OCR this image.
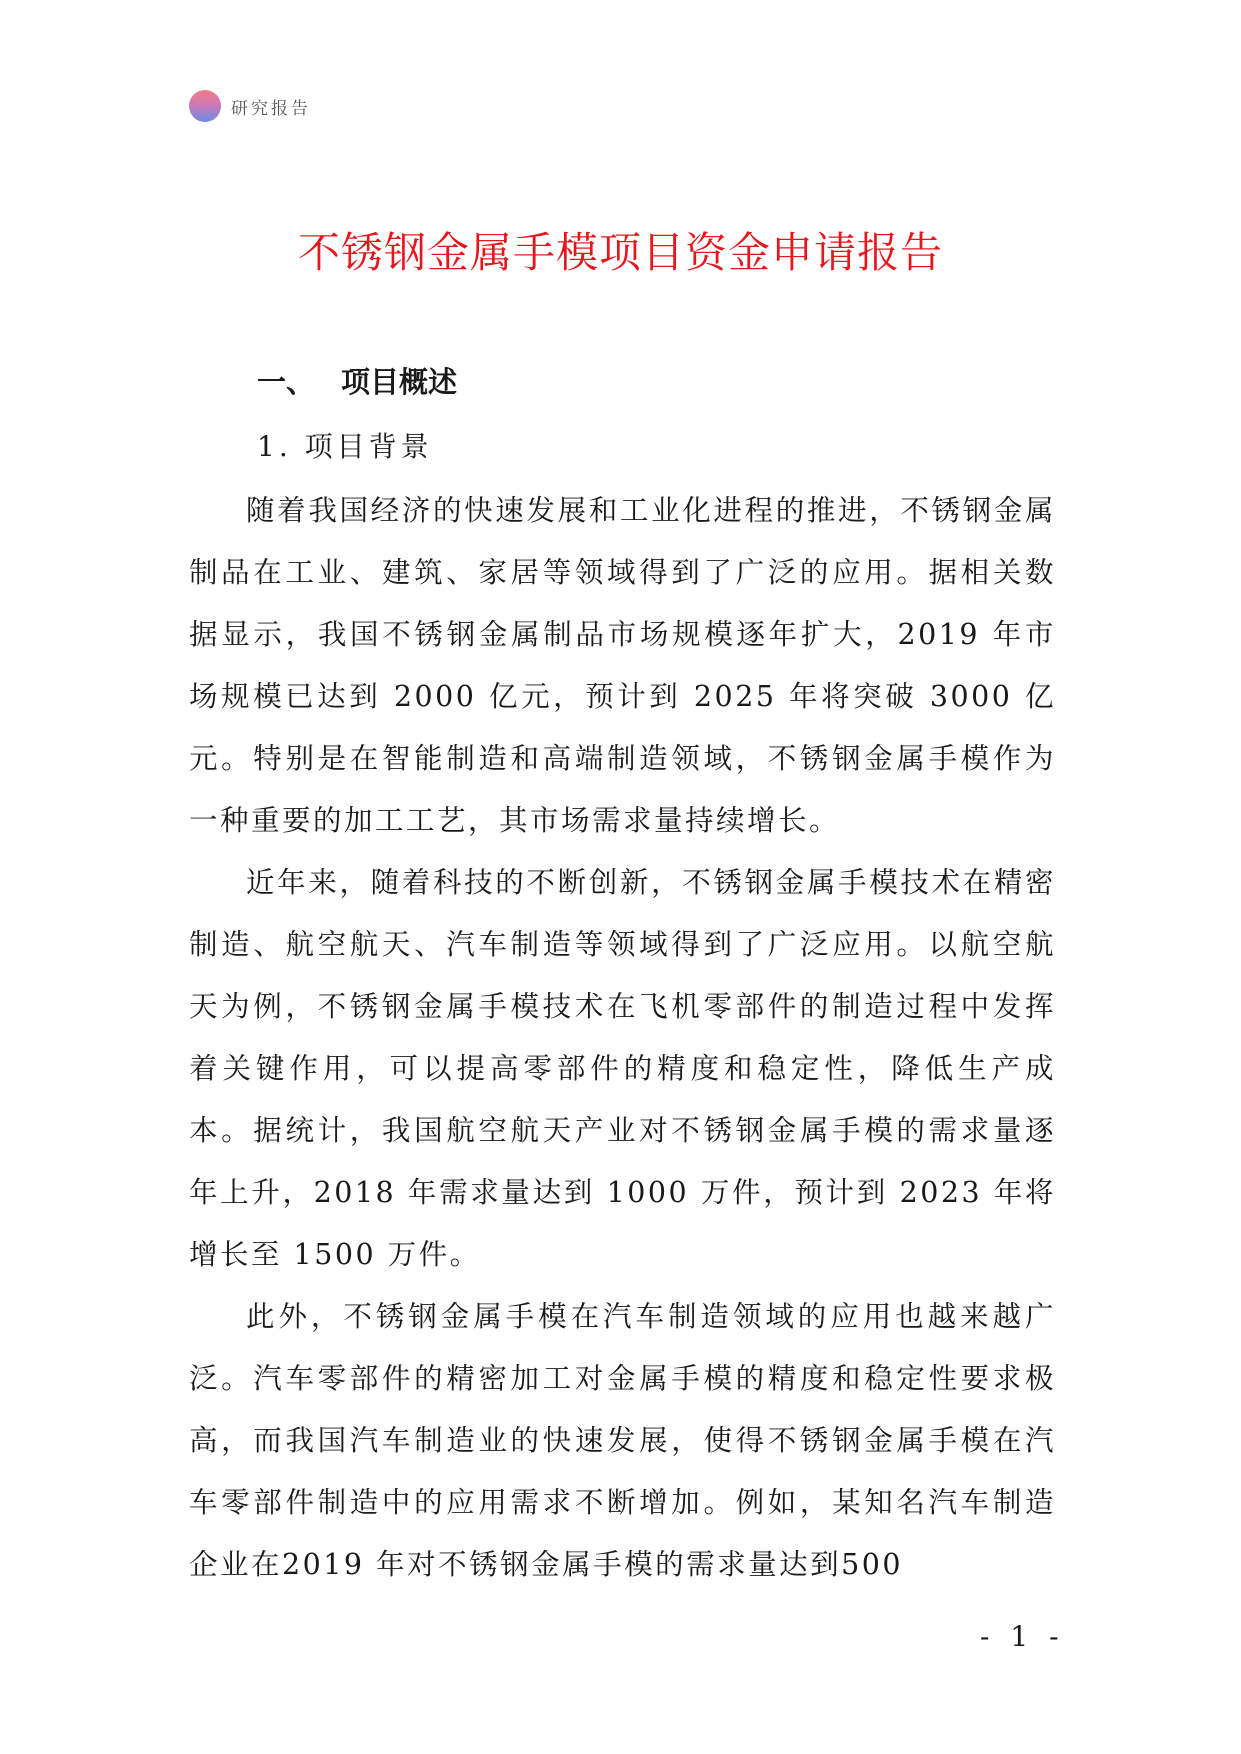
研究报告
不锈钢金属手模项目资金申请报告
一、 项目概述
1. 项目背景

随着我国经济的快速发展和工业化进程的推进，不锈钢金属制品在工业、建筑、家居等领域得到了广泛的应用。据相关数据显示，我国不锈钢金属制品市场规模逐年扩大，2019 年市场规模已达到 2000 亿元，预计到 2025 年将突破 3000 亿元。特别是在智能制造和高端制造领域，不锈钢金属手模作为一种重要的加工工艺，其市场需求量持续增长。

近年来，随着科技的不断创新，不锈钢金属手模技术在精密制造、航空航天、汽车制造等领域得到了广泛应用。以航空航天为例，不锈钢金属手模技术在飞机零部件的制造过程中发挥着关键作用，可以提高零部件的精度和稳定性，降低生产成本。据统计，我国航空航天产业对不锈钢金属手模的需求量逐年上升，2018 年需求量达到 1000 万件，预计到 2023 年将增长至 1500 万件。

此外，不锈钢金属手模在汽车制造领域的应用也越来越广泛。汽车零部件的精密加工对金属手模的精度和稳定性要求极高，而我国汽车制造业的快速发展，使得不锈钢金属手模在汽车零部件制造中的应用需求不断增加。例如，某知名汽车制造企业在2019 年对不锈钢金属手模的需求量达到500

- 1 -
